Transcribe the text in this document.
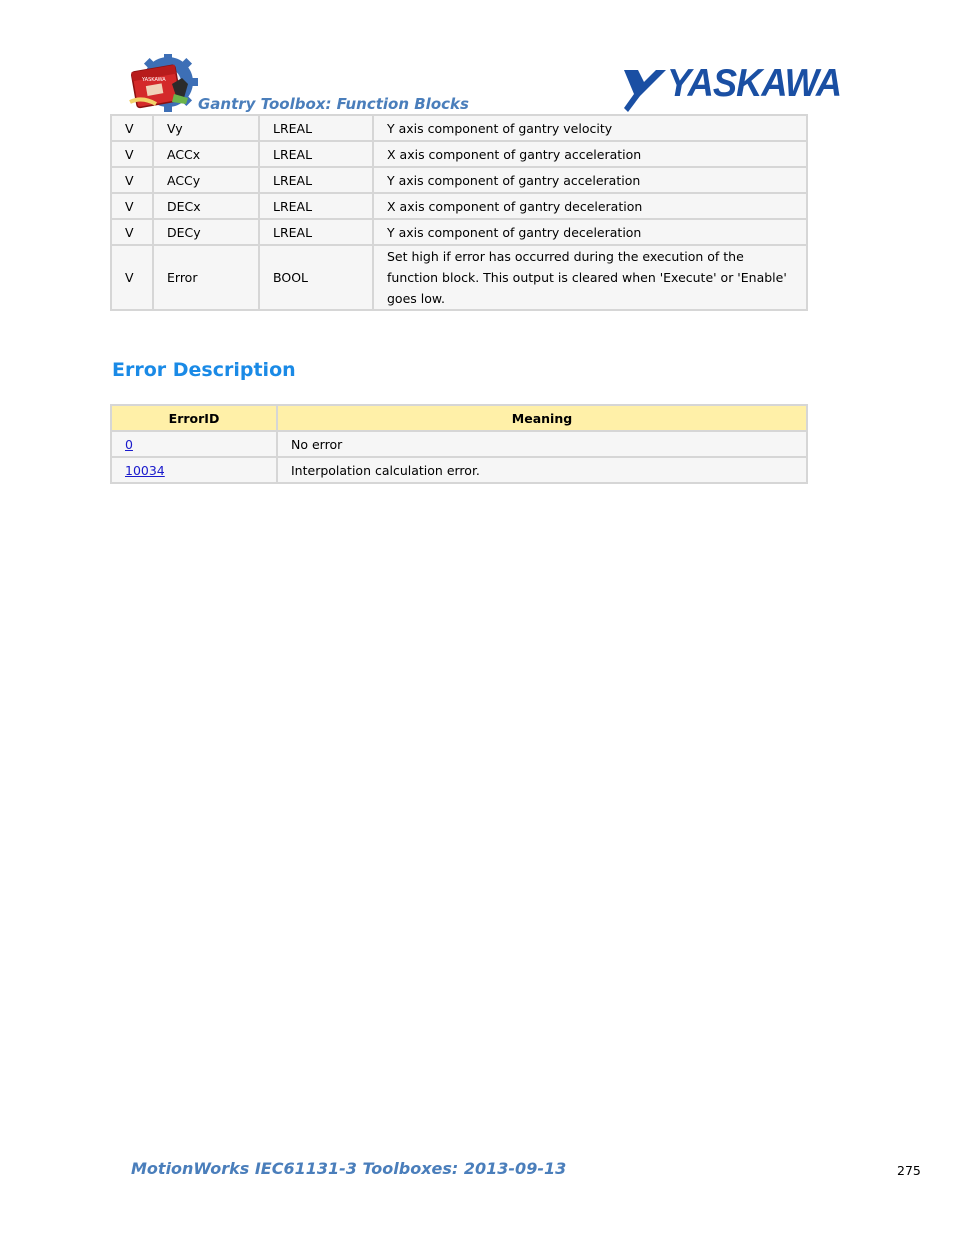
YASKAWA
Gantry Toolbox: Function Blocks	YASKAWA
V	Vy	LREAL	Y axis component of gantry velocity
V	ACCx	LREAL	X axis component of gantry acceleration
V	ACCy	LREAL	Y axis component of gantry acceleration
V	DECx	LREAL	X axis component of gantry deceleration
V	DECy	LREAL	Y axis component of gantry deceleration
V	Error	BOOL	Set high if error has occurred during the execution of the function block. This output is cleared when 'Execute' or 'Enable' goes low.
Error Description
ErrorID	Meaning
0	No error
10034	Interpolation calculation error.
MotionWorks IEC61131-3 Toolboxes: 2013-09-13	275
